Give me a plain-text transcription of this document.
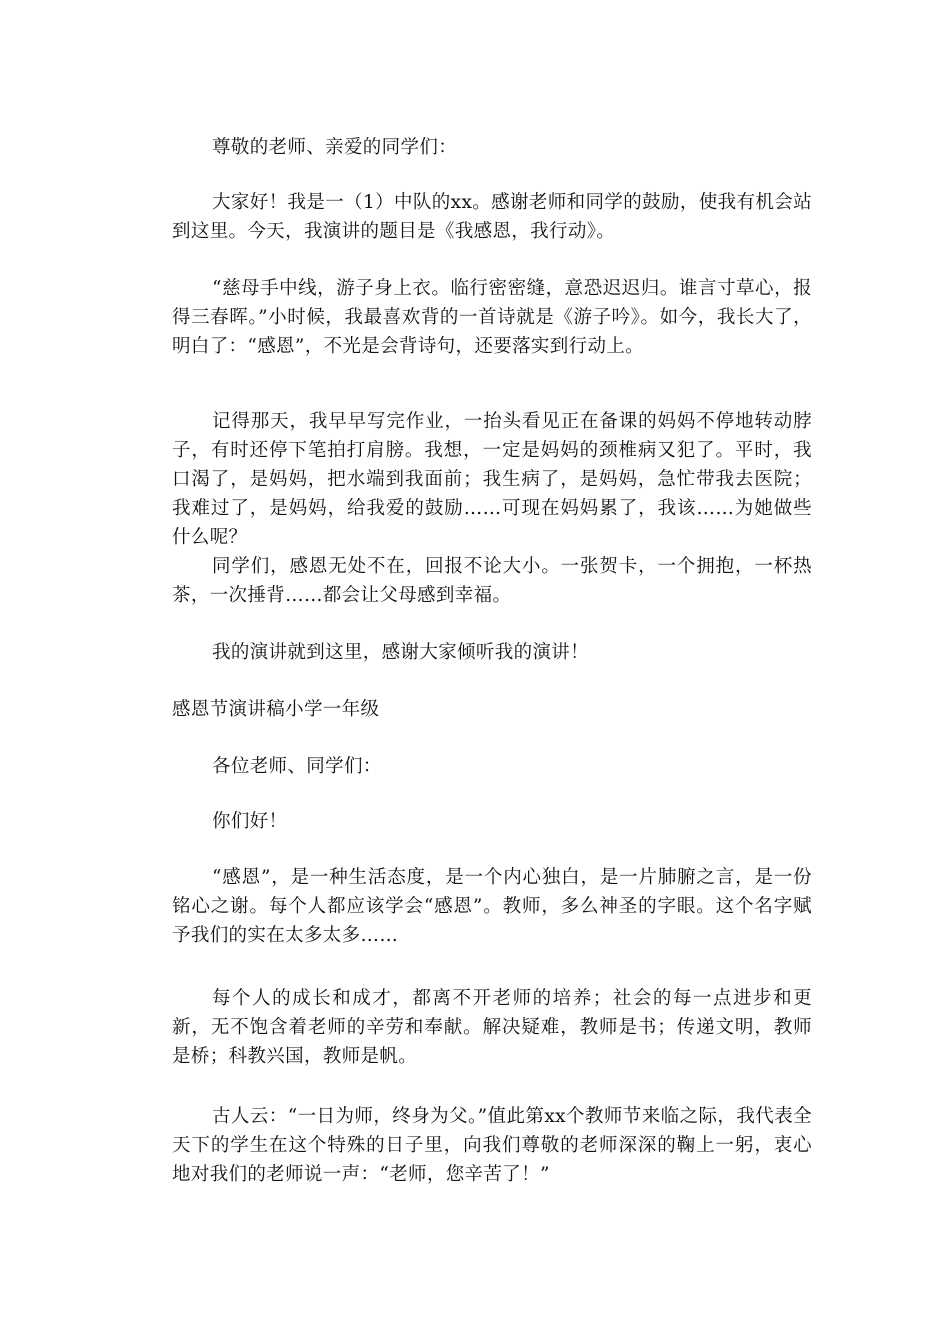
尊敬的老师、亲爱的同学们：

大家好！我是一（1）中队的xx。感谢老师和同学的鼓励，使我有机会站到这里。今天，我演讲的题目是《我感恩，我行动》。

“慈母手中线，游子身上衣。临行密密缝，意恐迟迟归。谁言寸草心，报得三春晖。”小时候，我最喜欢背的一首诗就是《游子吟》。如今，我长大了，明白了：“感恩”，不光是会背诗句，还要落实到行动上。

记得那天，我早早写完作业，一抬头看见正在备课的妈妈不停地转动脖子，有时还停下笔拍打肩膀。我想，一定是妈妈的颈椎病又犯了。平时，我口渴了，是妈妈，把水端到我面前；我生病了，是妈妈，急忙带我去医院；我难过了，是妈妈，给我爱的鼓励……可现在妈妈累了，我该……为她做些什么呢？

同学们，感恩无处不在，回报不论大小。一张贺卡，一个拥抱，一杯热茶，一次捶背……都会让父母感到幸福。

我的演讲就到这里，感谢大家倾听我的演讲！

感恩节演讲稿小学一年级

各位老师、同学们：

你们好！

“感恩”，是一种生活态度，是一个内心独白，是一片肺腑之言，是一份铭心之谢。每个人都应该学会“感恩”。教师，多么神圣的字眼。这个名字赋予我们的实在太多太多……

每个人的成长和成才，都离不开老师的培养；社会的每一点进步和更新，无不饱含着老师的辛劳和奉献。解决疑难，教师是书；传递文明，教师是桥；科教兴国，教师是帆。

古人云：“一日为师，终身为父。”值此第xx个教师节来临之际，我代表全天下的学生在这个特殊的日子里，向我们尊敬的老师深深的鞠上一躬，衷心地对我们的老师说一声：“老师，您辛苦了！”
